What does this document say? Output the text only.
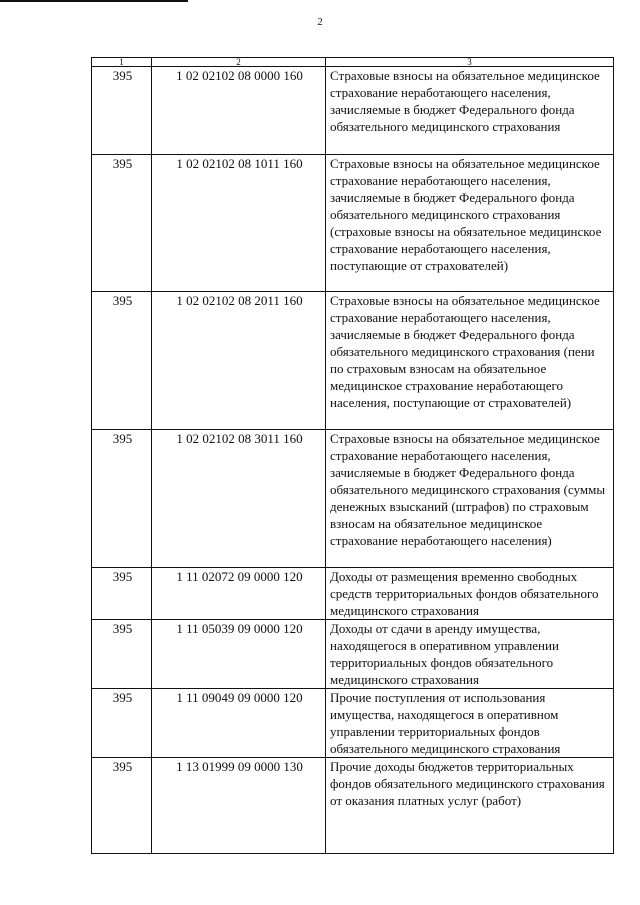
2
1	2	3
395	1 02 02102 08 0000 160	Страховые взносы на обязательное медицинское страхование неработающего населения, зачисляемые в бюджет Федерального фонда обязательного медицинского страхования
395	1 02 02102 08 1011 160	Страховые взносы на обязательное медицинское страхование неработающего населения, зачисляемые в бюджет Федерального фонда обязательного медицинского страхования (страховые взносы на обязательное медицинское страхование неработающего населения, поступающие от страхователей)
395	1 02 02102 08 2011 160	Страховые взносы на обязательное медицинское страхование неработающего населения, зачисляемые в бюджет Федерального фонда обязательного медицинского страхования (пени по страховым взносам на обязательное медицинское страхование неработающего населения, поступающие от страхователей)
395	1 02 02102 08 3011 160	Страховые взносы на обязательное медицинское страхование неработающего населения, зачисляемые в бюджет Федерального фонда обязательного медицинского страхования (суммы денежных взысканий (штрафов) по страховым взносам на обязательное медицинское страхование неработающего населения)
395	1 11 02072 09 0000 120	Доходы от размещения временно свободных средств территориальных фондов обязательного медицинского страхования
395	1 11 05039 09 0000 120	Доходы от сдачи в аренду имущества, находящегося в оперативном управлении территориальных фондов обязательного медицинского страхования
395	1 11 09049 09 0000 120	Прочие поступления от использования имущества, находящегося в оперативном управлении территориальных фондов обязательного медицинского страхования
395	1 13 01999 09 0000 130	Прочие доходы бюджетов территориальных фондов обязательного медицинского страхования от оказания платных услуг (работ)
